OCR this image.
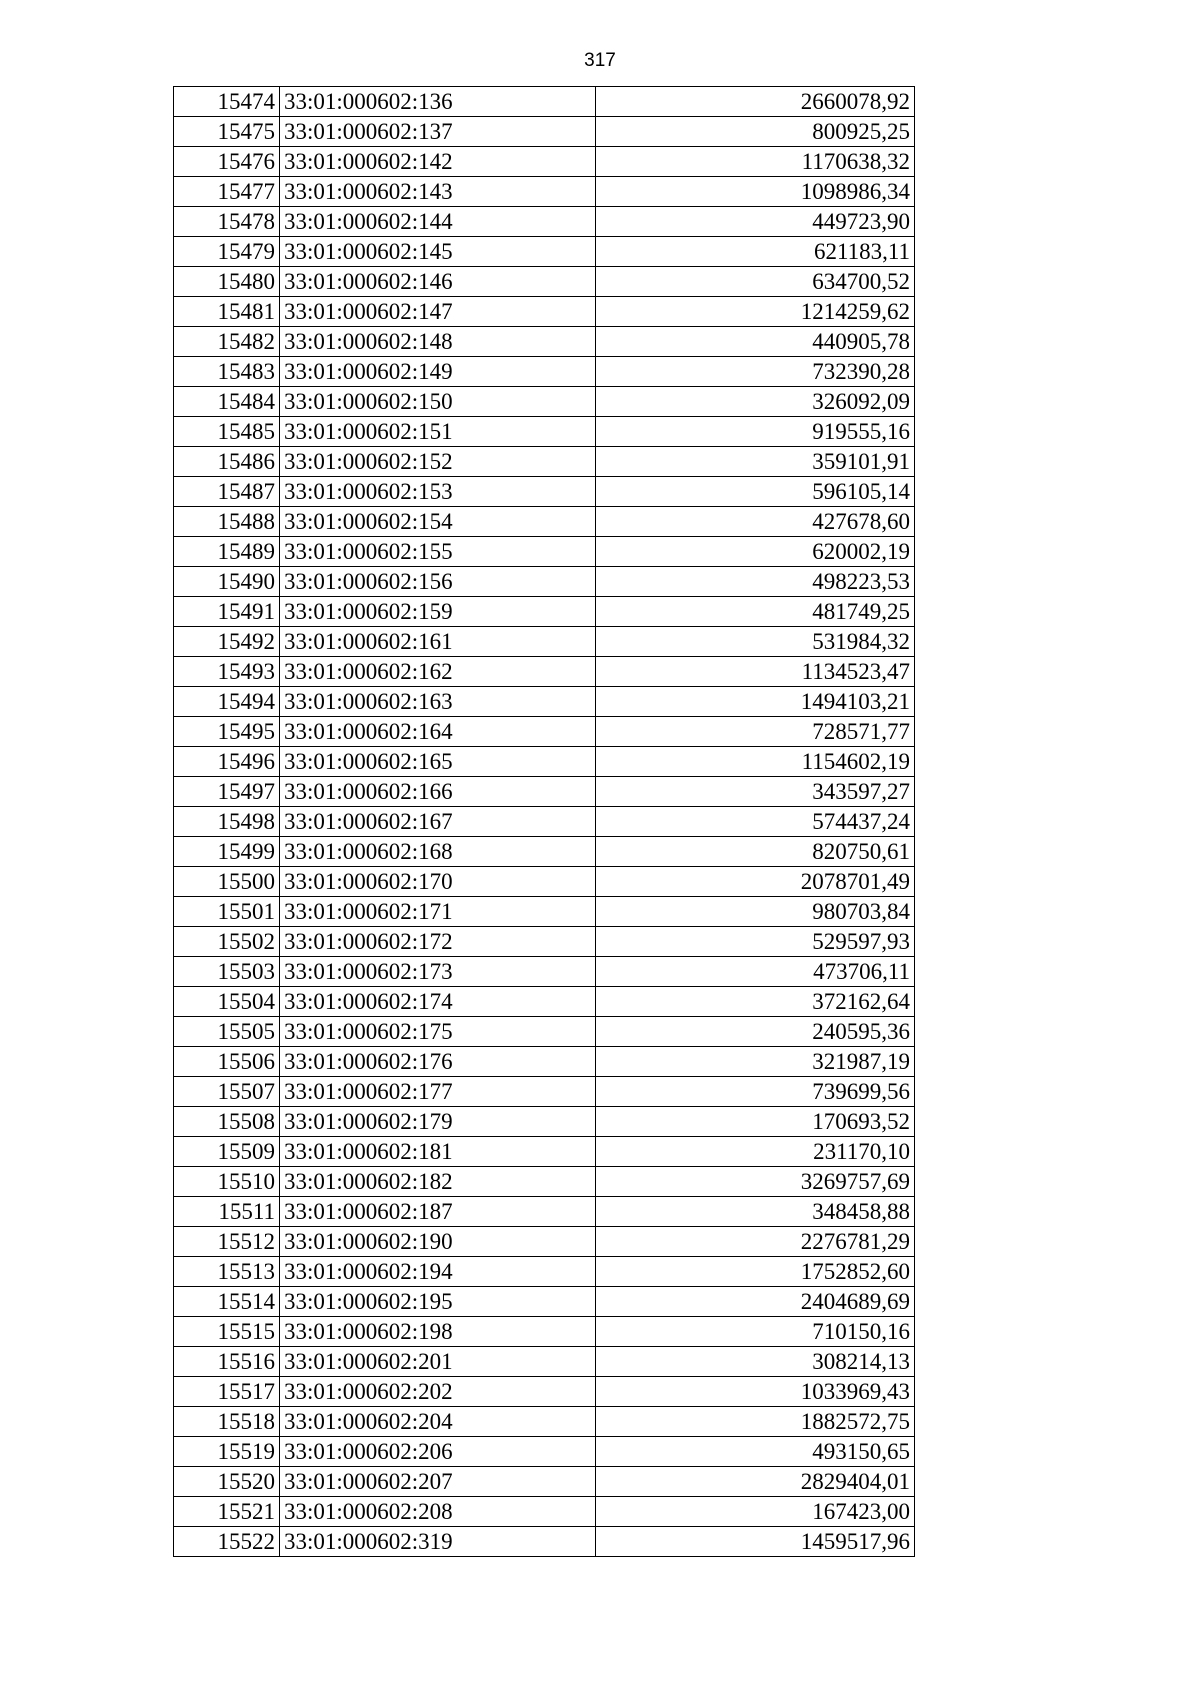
317
15474	33:01:000602:136	2660078,92
15475	33:01:000602:137	800925,25
15476	33:01:000602:142	1170638,32
15477	33:01:000602:143	1098986,34
15478	33:01:000602:144	449723,90
15479	33:01:000602:145	621183,11
15480	33:01:000602:146	634700,52
15481	33:01:000602:147	1214259,62
15482	33:01:000602:148	440905,78
15483	33:01:000602:149	732390,28
15484	33:01:000602:150	326092,09
15485	33:01:000602:151	919555,16
15486	33:01:000602:152	359101,91
15487	33:01:000602:153	596105,14
15488	33:01:000602:154	427678,60
15489	33:01:000602:155	620002,19
15490	33:01:000602:156	498223,53
15491	33:01:000602:159	481749,25
15492	33:01:000602:161	531984,32
15493	33:01:000602:162	1134523,47
15494	33:01:000602:163	1494103,21
15495	33:01:000602:164	728571,77
15496	33:01:000602:165	1154602,19
15497	33:01:000602:166	343597,27
15498	33:01:000602:167	574437,24
15499	33:01:000602:168	820750,61
15500	33:01:000602:170	2078701,49
15501	33:01:000602:171	980703,84
15502	33:01:000602:172	529597,93
15503	33:01:000602:173	473706,11
15504	33:01:000602:174	372162,64
15505	33:01:000602:175	240595,36
15506	33:01:000602:176	321987,19
15507	33:01:000602:177	739699,56
15508	33:01:000602:179	170693,52
15509	33:01:000602:181	231170,10
15510	33:01:000602:182	3269757,69
15511	33:01:000602:187	348458,88
15512	33:01:000602:190	2276781,29
15513	33:01:000602:194	1752852,60
15514	33:01:000602:195	2404689,69
15515	33:01:000602:198	710150,16
15516	33:01:000602:201	308214,13
15517	33:01:000602:202	1033969,43
15518	33:01:000602:204	1882572,75
15519	33:01:000602:206	493150,65
15520	33:01:000602:207	2829404,01
15521	33:01:000602:208	167423,00
15522	33:01:000602:319	1459517,96
